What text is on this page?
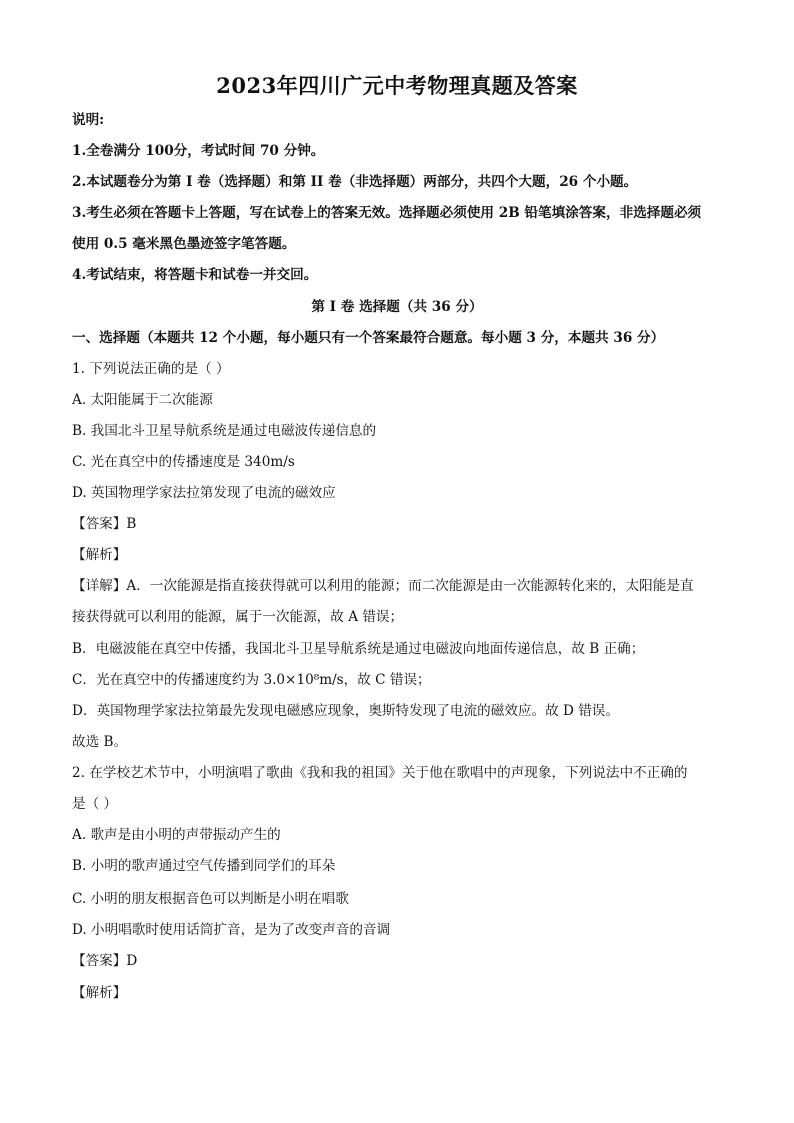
2023年四川广元中考物理真题及答案
说明:
1.全卷满分 100分，考试时间 70 分钟。
2.本试题卷分为第 I 卷（选择题）和第 II 卷（非选择题）两部分，共四个大题，26 个小题。
3.考生必须在答题卡上答题，写在试卷上的答案无效。选择题必须使用 2B 铅笔填涂答案，非选择题必须
使用 0.5 毫米黑色墨迹签字笔答题。
4.考试结束，将答题卡和试卷一并交回。
第 I 卷 选择题（共 36 分）
一、选择题（本题共 12 个小题，每小题只有一个答案最符合题意。每小题 3 分，本题共 36 分）
1. 下列说法正确的是（ ）
A. 太阳能属于二次能源
B. 我国北斗卫星导航系统是通过电磁波传递信息的
C. 光在真空中的传播速度是 340m/s
D. 英国物理学家法拉第发现了电流的磁效应
【答案】B
【解析】
【详解】A．一次能源是指直接获得就可以利用的能源；而二次能源是由一次能源转化来的，太阳能是直
接获得就可以利用的能源，属于一次能源，故 A 错误；
B．电磁波能在真空中传播，我国北斗卫星导航系统是通过电磁波向地面传递信息，故 B 正确；
C．光在真空中的传播速度约为 3.0×10⁸m/s，故 C 错误；
D．英国物理学家法拉第最先发现电磁感应现象，奥斯特发现了电流的磁效应。故 D 错误。
故选 B。
2. 在学校艺术节中，小明演唱了歌曲《我和我的祖国》关于他在歌唱中的声现象，下列说法中不正确的
是（ ）
A. 歌声是由小明的声带振动产生的
B. 小明的歌声通过空气传播到同学们的耳朵
C. 小明的朋友根据音色可以判断是小明在唱歌
D. 小明唱歌时使用话筒扩音，是为了改变声音的音调
【答案】D
【解析】
